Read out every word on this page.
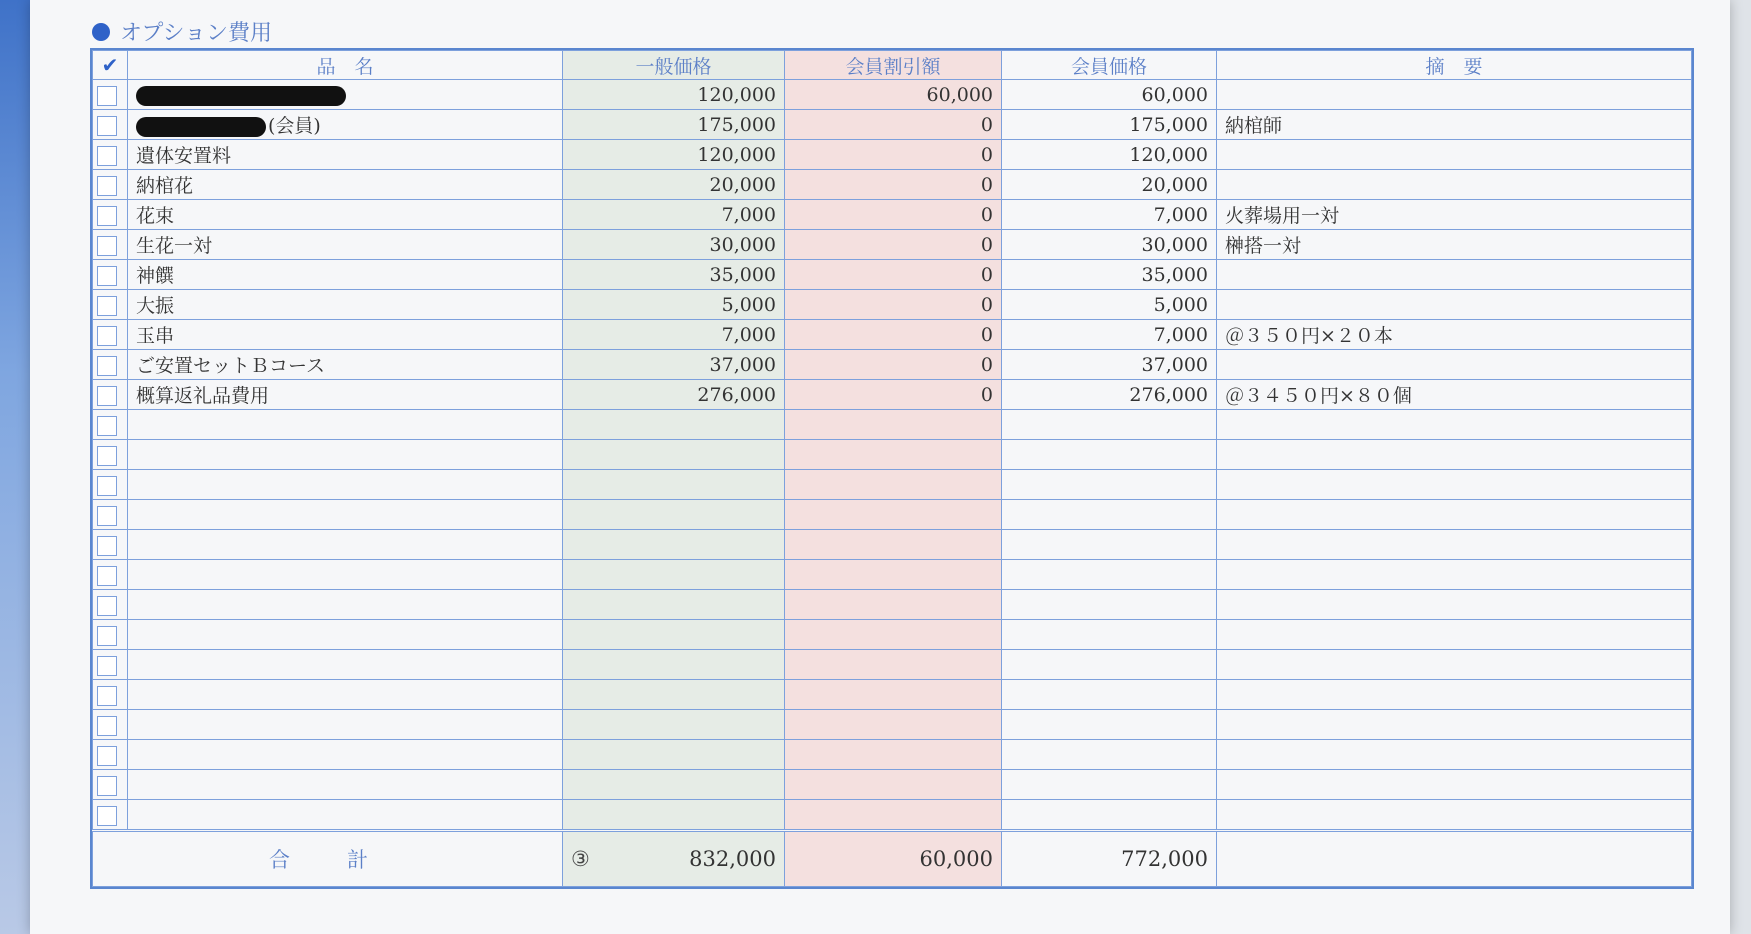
オプション費用
✔	品　名	一般価格	会員割引額	会員価格	摘　要
		120,000	60,000	60,000	
	(会員)	175,000	0	175,000	納棺師
	遺体安置料	120,000	0	120,000	
	納棺花	20,000	0	20,000	
	花束	7,000	0	7,000	火葬場用一対
	生花一対	30,000	0	30,000	榊搭一対
	神饌	35,000	0	35,000	
	大振	5,000	0	5,000	
	玉串	7,000	0	7,000	＠３５０円×２０本
	ご安置セットＢコース	37,000	0	37,000	
	概算返礼品費用	276,000	0	276,000	＠３４５０円×８０個

合　計		③ 832,000	60,000	772,000	
